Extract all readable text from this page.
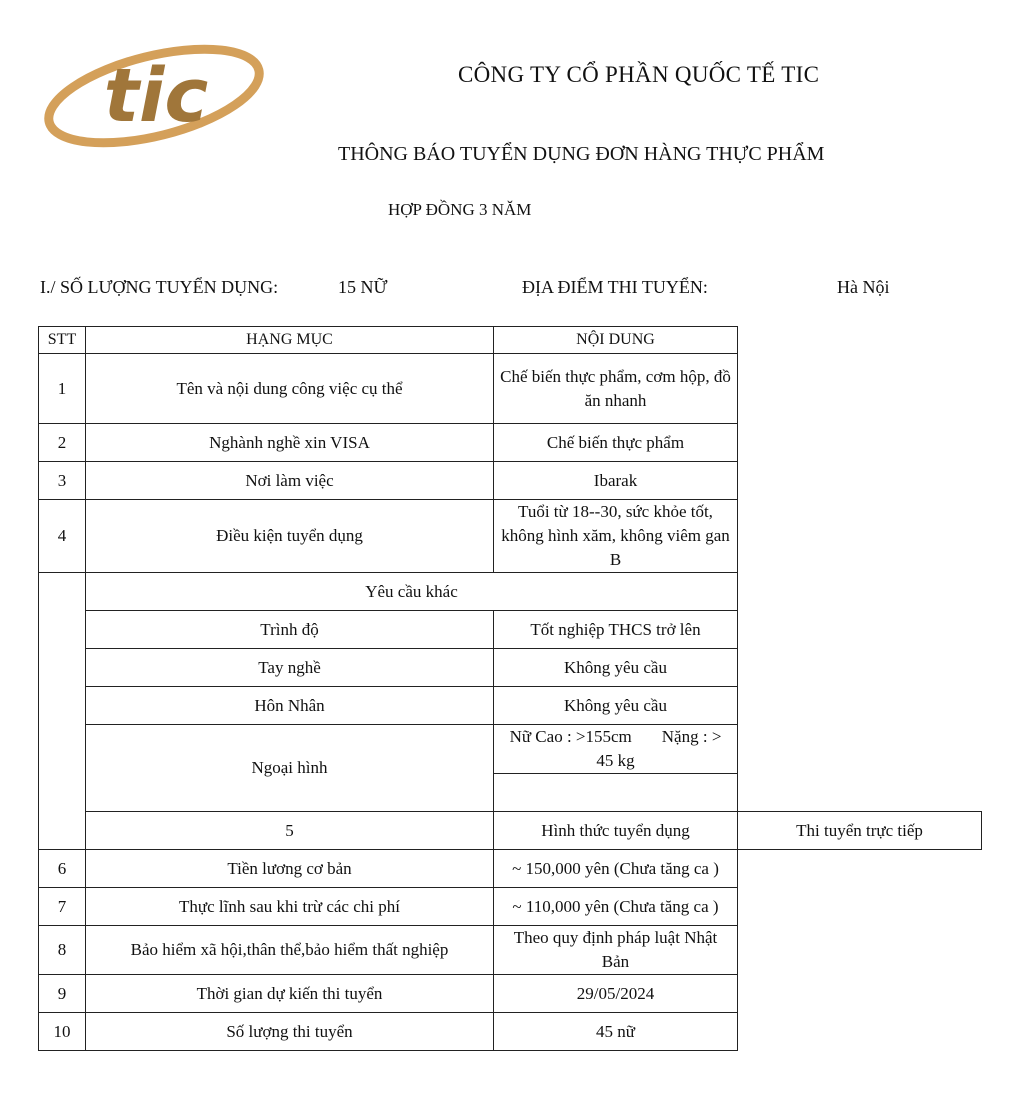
tic	CÔNG TY CỔ PHẦN QUỐC TẾ TIC
THÔNG BÁO TUYỂN DỤNG ĐƠN HÀNG THỰC PHẨM
HỢP ĐỒNG 3 NĂM
I./ SỐ LƯỢNG TUYỂN DỤNG:	15 NỮ	ĐỊA ĐIỂM THI TUYỂN:	Hà Nội
STT	HẠNG MỤC	NỘI DUNG	
1	Tên và nội dung công việc cụ thể	Chế biến thực phẩm, cơm hộp, đồ ăn nhanh	
2	Nghành nghề xin VISA	Chế biến thực phẩm	
3	Nơi làm việc	Ibarak	
4	Điều kiện tuyển dụng	Tuổi từ 18--30, sức khỏe tốt, không hình xăm, không viêm gan B	
	Yêu cầu khác		
	Trình độ	Tốt nghiệp THCS trở lên	
	Tay nghề	Không yêu cầu	
	Hôn Nhân	Không yêu cầu	
	Ngoại hình	Nữ Cao : >155cm Nặng : > 45 kg	

	5	Hình thức tuyển dụng	Thi tuyển trực tiếp
6	Tiền lương cơ bản	~ 150,000 yên (Chưa tăng ca )	
7	Thực lĩnh sau khi trừ các chi phí	~ 110,000 yên (Chưa tăng ca )	
8	Bảo hiểm xã hội,thân thể,bảo hiểm thất nghiệp	Theo quy định pháp luật Nhật Bản	
9	Thời gian dự kiến thi tuyển	29/05/2024	
10	Số lượng thi tuyển	45 nữ	
